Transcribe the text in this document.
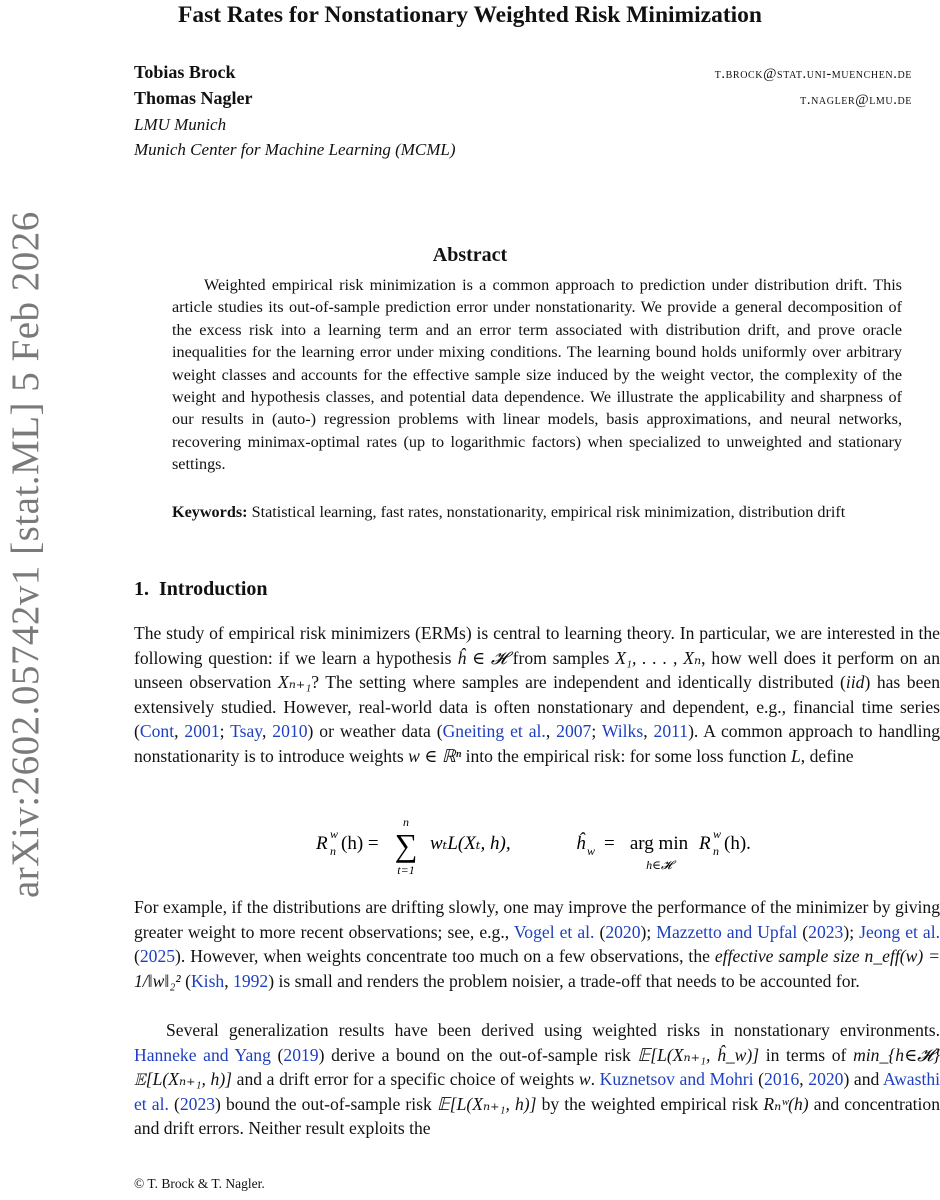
Fast Rates for Nonstationary Weighted Risk Minimization
Tobias Brock	t.brock@stat.uni-muenchen.de
Thomas Nagler	t.nagler@lmu.de
LMU Munich
Munich Center for Machine Learning (MCML)
arXiv:2602.05742v1 [stat.ML] 5 Feb 2026	Abstract
Weighted empirical risk minimization is a common approach to prediction under distribution drift. This article studies its out-of-sample prediction error under nonstationarity. We provide a general decomposition of the excess risk into a learning term and an error term associated with distribution drift, and prove oracle inequalities for the learning error under mixing conditions. The learning bound holds uniformly over arbitrary weight classes and accounts for the effective sample size induced by the weight vector, the complexity of the weight and hypothesis classes, and potential data dependence. We illustrate the applicability and sharpness of our results in (auto-) regression problems with linear models, basis approximations, and neural networks, recovering minimax-optimal rates (up to logarithmic factors) when specialized to unweighted and stationary settings.
Keywords: Statistical learning, fast rates, nonstationarity, empirical risk minimization, distribution drift
1. Introduction
The study of empirical risk minimizers (ERMs) is central to learning theory. In particular, we are interested in the following question: if we learn a hypothesis ĥ ∈ 𝓗 from samples X₁, . . . , Xₙ, how well does it perform on an unseen observation Xₙ₊₁? The setting where samples are independent and identically distributed (iid) has been extensively studied. However, real-world data is often nonstationary and dependent, e.g., financial time series (Cont, 2001; Tsay, 2010) or weather data (Gneiting et al., 2007; Wilks, 2011). A common approach to handling nonstationarity is to introduce weights w ∈ ℝⁿ into the empirical risk: for some loss function L, define
R w
n (h) =
n
∑
t=1
wₜL(Xₜ, h),	ĥ w = arg min
h∈𝓗
R w
n (h).
For example, if the distributions are drifting slowly, one may improve the performance of the minimizer by giving greater weight to more recent observations; see, e.g., Vogel et al. (2020); Mazzetto and Upfal (2023); Jeong et al. (2025). However, when weights concentrate too much on a few observations, the effective sample size n_eff(w) = 1/‖w‖₂² (Kish, 1992) is small and renders the problem noisier, a trade-off that needs to be accounted for.
Several generalization results have been derived using weighted risks in nonstationary environments. Hanneke and Yang (2019) derive a bound on the out-of-sample risk 𝔼[L(Xₙ₊₁, ĥ_w)] in terms of min_{h∈𝓗} 𝔼[L(Xₙ₊₁, h)] and a drift error for a specific choice of weights w. Kuznetsov and Mohri (2016, 2020) and Awasthi et al. (2023) bound the out-of-sample risk 𝔼[L(Xₙ₊₁, h)] by the weighted empirical risk Rₙʷ(h) and concentration and drift errors. Neither result exploits the
© T. Brock & T. Nagler.
